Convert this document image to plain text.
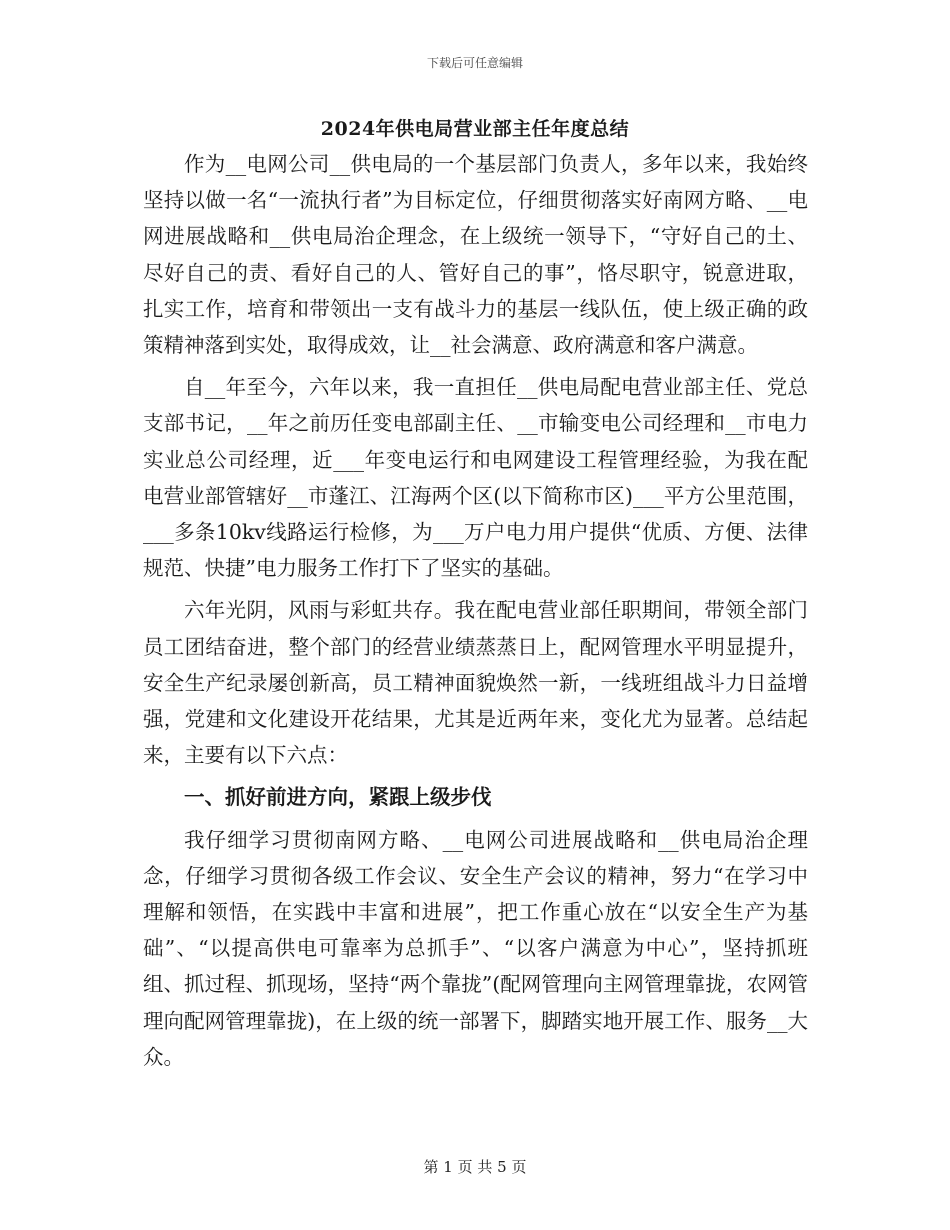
下载后可任意编辑
2024年供电局营业部主任年度总结

作为__电网公司__供电局的一个基层部门负责人，多年以来，我始终坚持以做一名“一流执行者”为目标定位，仔细贯彻落实好南网方略、__电网进展战略和__供电局治企理念，在上级统一领导下，“守好自己的土、尽好自己的责、看好自己的人、管好自己的事”，恪尽职守，锐意进取，扎实工作，培育和带领出一支有战斗力的基层一线队伍，使上级正确的政策精神落到实处，取得成效，让__社会满意、政府满意和客户满意。

自__年至今，六年以来，我一直担任__供电局配电营业部主任、党总支部书记，__年之前历任变电部副主任、__市输变电公司经理和__市电力实业总公司经理，近___年变电运行和电网建设工程管理经验，为我在配电营业部管辖好__市蓬江、江海两个区(以下简称市区)___平方公里范围，___多条10kv线路运行检修，为___万户电力用户提供“优质、方便、法律规范、快捷”电力服务工作打下了坚实的基础。

六年光阴，风雨与彩虹共存。我在配电营业部任职期间，带领全部门员工团结奋进，整个部门的经营业绩蒸蒸日上，配网管理水平明显提升，安全生产纪录屡创新高，员工精神面貌焕然一新，一线班组战斗力日益增强，党建和文化建设开花结果，尤其是近两年来，变化尤为显著。总结起来，主要有以下六点：

一、抓好前进方向，紧跟上级步伐

我仔细学习贯彻南网方略、__电网公司进展战略和__供电局治企理念，仔细学习贯彻各级工作会议、安全生产会议的精神，努力“在学习中理解和领悟，在实践中丰富和进展”，把工作重心放在“以安全生产为基础”、“以提高供电可靠率为总抓手”、“以客户满意为中心”，坚持抓班组、抓过程、抓现场，坚持“两个靠拢”(配网管理向主网管理靠拢，农网管理向配网管理靠拢)，在上级的统一部署下，脚踏实地开展工作、服务__大众。

第 1 页 共 5 页
